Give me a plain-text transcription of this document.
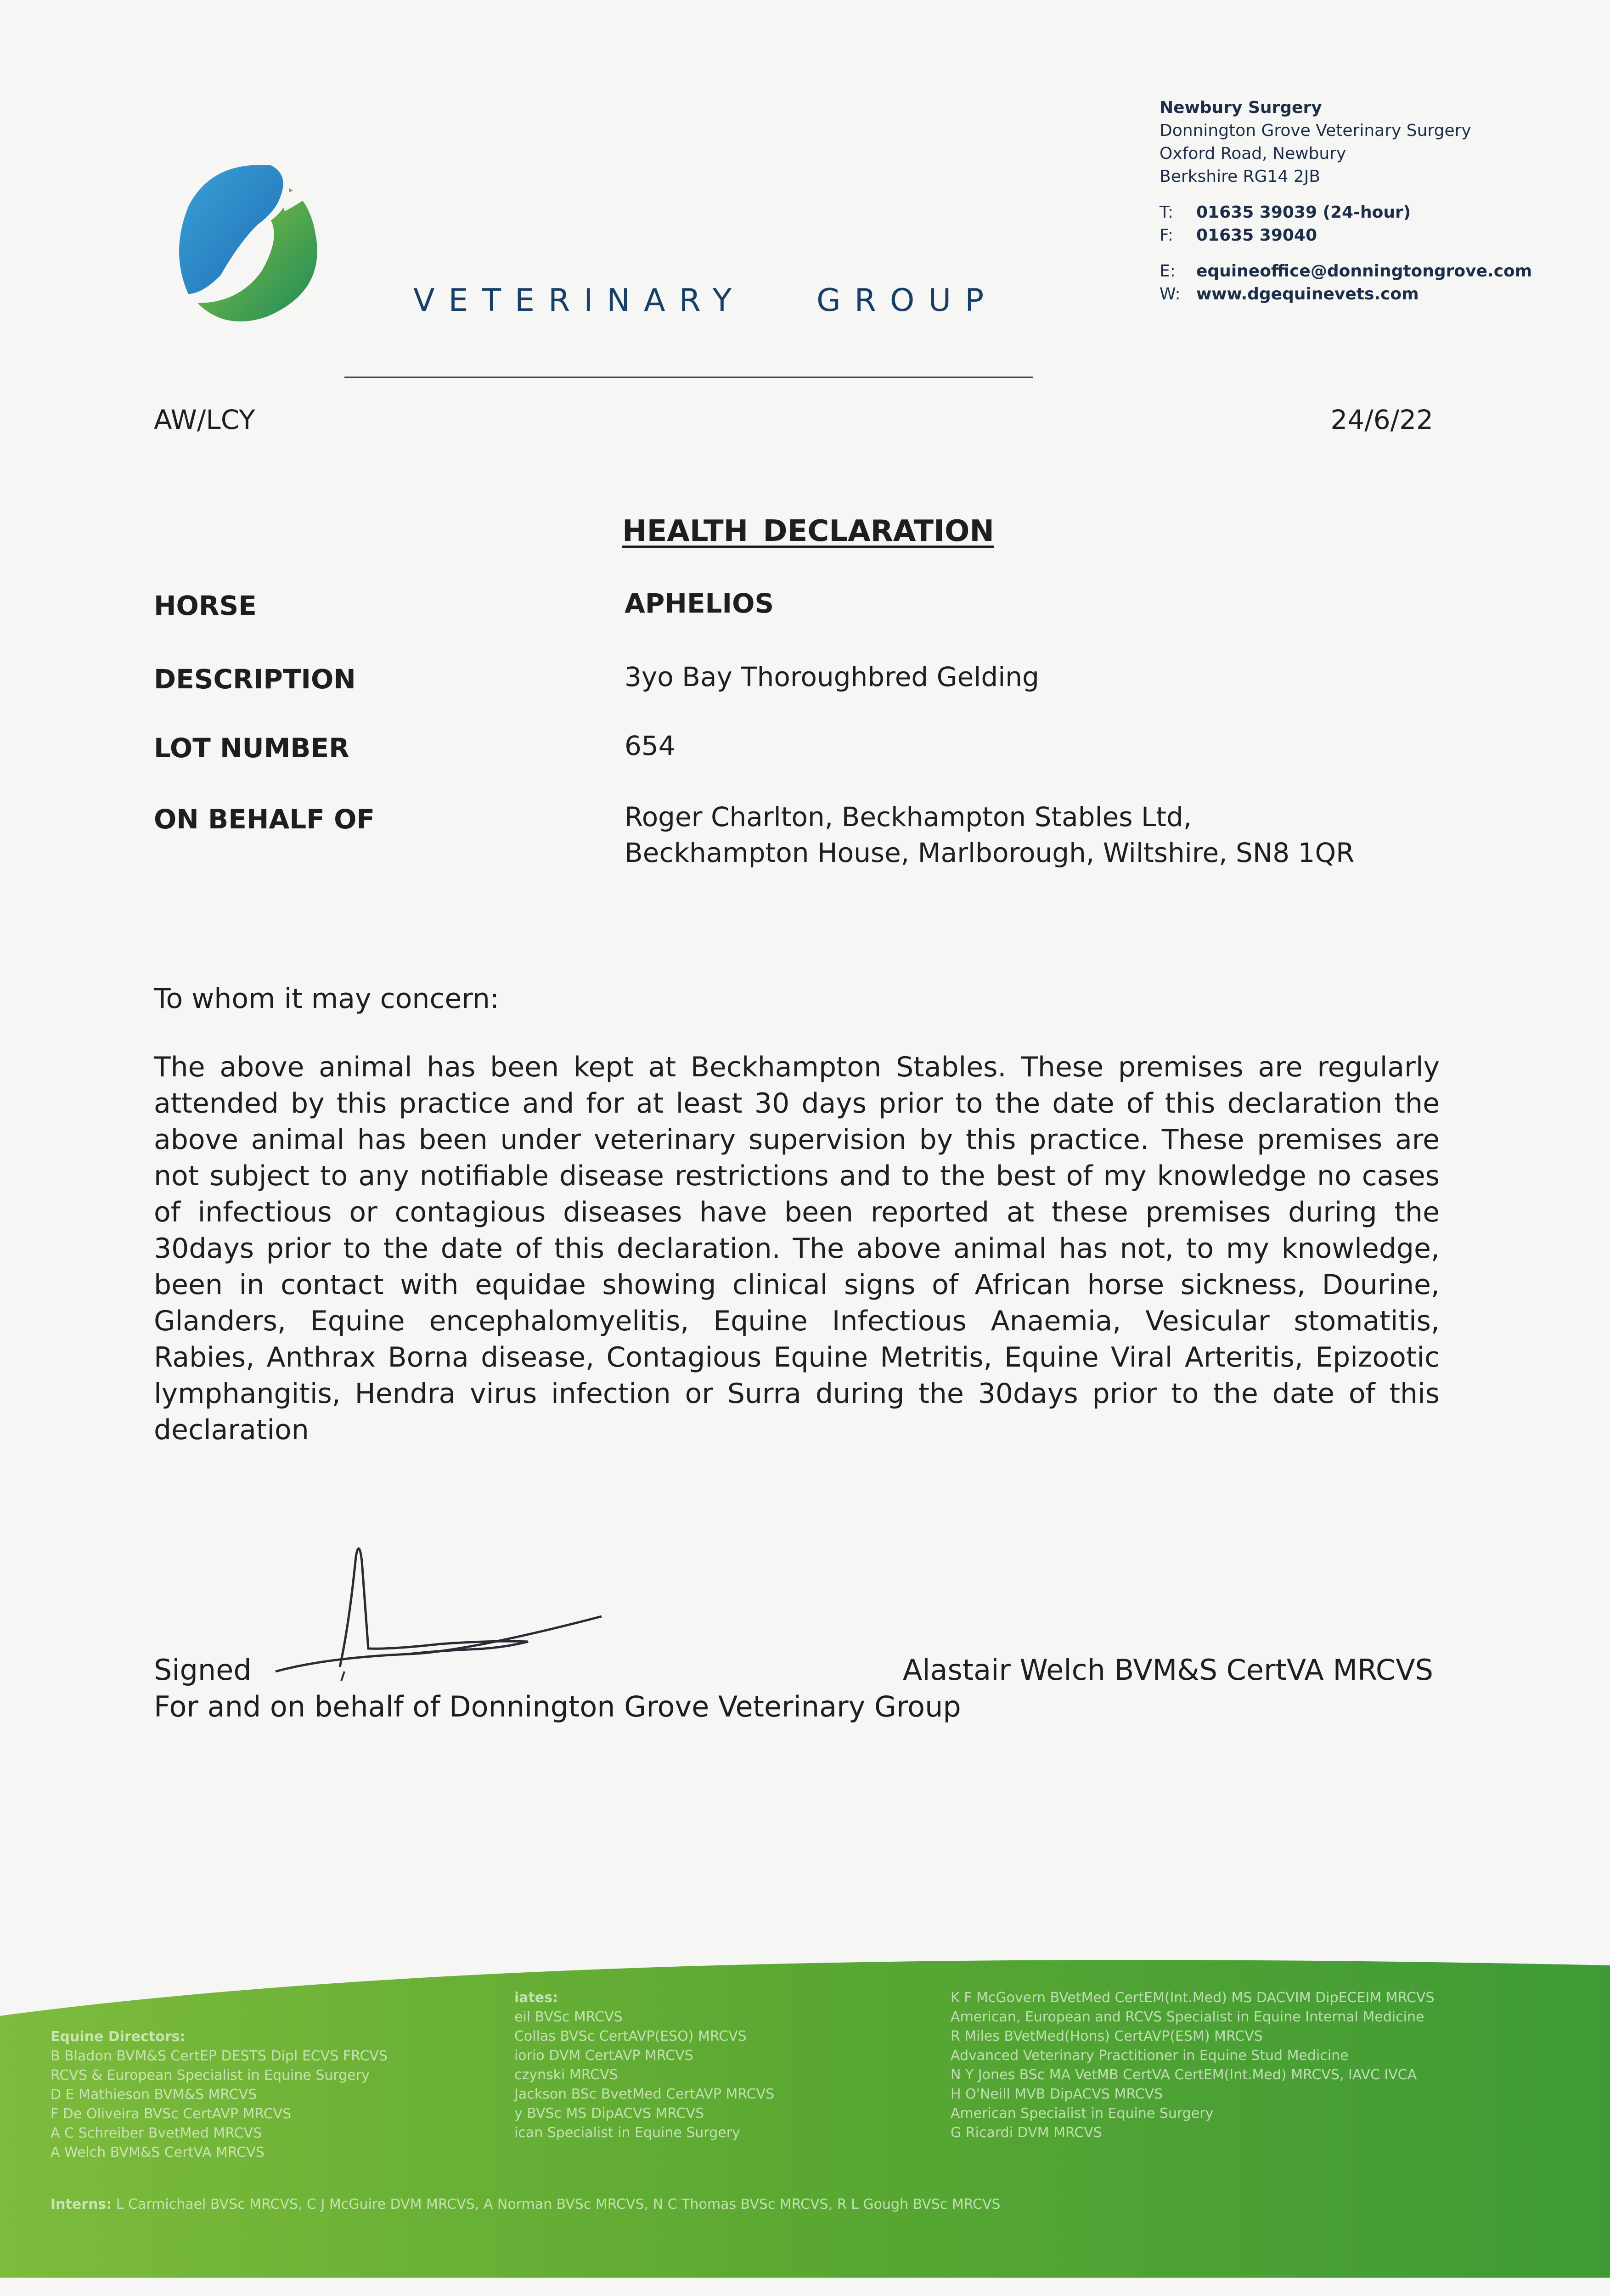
VETERINARY   GROUP
Newbury Surgery
Donnington Grove Veterinary Surgery
Oxford Road, Newbury
Berkshire RG14 2JB
T: 01635 39039 (24-hour)
F: 01635 39040
E: equineoffice@donningtongrove.com
W: www.dgequinevets.com
AW/LCY	24/6/22
HEALTH DECLARATION
HORSE	APHELIOS
DESCRIPTION	3yo Bay Thoroughbred Gelding
LOT NUMBER	654
ON BEHALF OF	Roger Charlton, Beckhampton Stables Ltd,
Beckhampton House, Marlborough, Wiltshire, SN8 1QR
To whom it may concern:
The above animal has been kept at Beckhampton Stables. These premises are regularly attended by this practice and for at least 30 days prior to the date of this declaration the above animal has been under veterinary supervision by this practice. These premises are not subject to any notifiable disease restrictions and to the best of my knowledge no cases of infectious or contagious diseases have been reported at these premises during the 30days prior to the date of this declaration. The above animal has not, to my knowledge, been in contact with equidae showing clinical signs of African horse sickness, Dourine, Glanders, Equine encephalomyelitis, Equine Infectious Anaemia, Vesicular stomatitis, Rabies, Anthrax Borna disease, Contagious Equine Metritis, Equine Viral Arteritis, Epizootic lymphangitis, Hendra virus infection or Surra during the 30days prior to the date of this declaration
Signed	Alastair Welch BVM&S CertVA MRCVS
For and on behalf of Donnington Grove Veterinary Group
Equine Directors:
B Bladon BVM&S CertEP DESTS Dipl ECVS FRCVS
RCVS & European Specialist in Equine Surgery
D E Mathieson BVM&S MRCVS
F De Oliveira BVSc CertAVP MRCVS
A C Schreiber BvetMed MRCVS
A Welch BVM&S CertVA MRCVS
iates:
eil BVSc MRCVS
Collas BVSc CertAVP(ESO) MRCVS
iorio DVM CertAVP MRCVS
czynski MRCVS
Jackson BSc BvetMed CertAVP MRCVS
y BVSc MS DipACVS MRCVS
ican Specialist in Equine Surgery
K F McGovern BVetMed CertEM(Int.Med) MS DACVIM DipECEIM MRCVS
American, European and RCVS Specialist in Equine Internal Medicine
R Miles BVetMed(Hons) CertAVP(ESM) MRCVS
Advanced Veterinary Practitioner in Equine Stud Medicine
N Y Jones BSc MA VetMB CertVA CertEM(Int.Med) MRCVS, IAVC IVCA
H O'Neill MVB DipACVS MRCVS
American Specialist in Equine Surgery
G Ricardi DVM MRCVS
Interns: L Carmichael BVSc MRCVS, C J McGuire DVM MRCVS, A Norman BVSc MRCVS, N C Thomas BVSc MRCVS, R L Gough BVSc MRCVS
